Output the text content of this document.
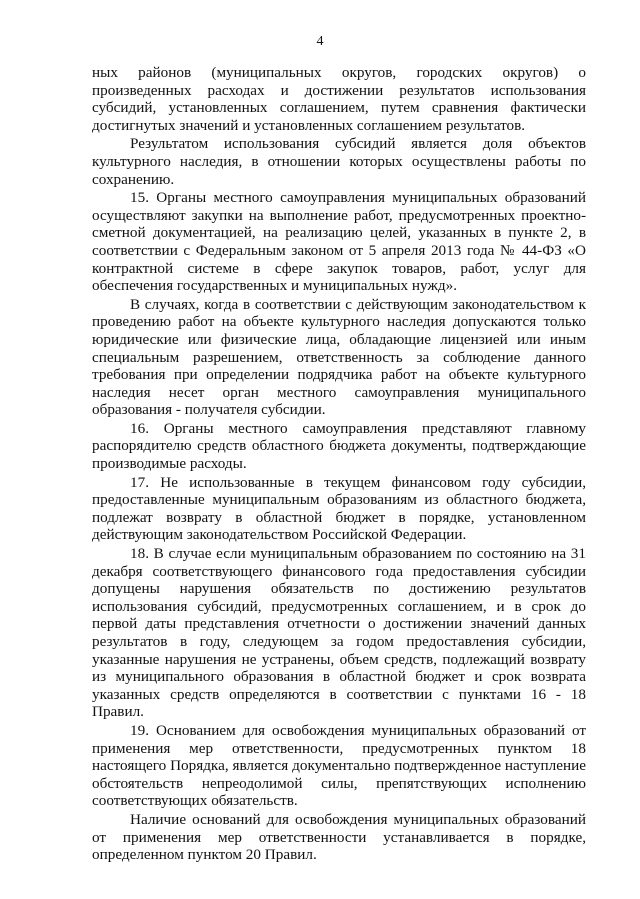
4

ных районов (муниципальных округов, городских округов) о произведенных расходах и достижении результатов использования субсидий, установленных соглашением, путем сравнения фактически достигнутых значений и установленных соглашением результатов.

Результатом использования субсидий является доля объектов культурного наследия, в отношении которых осуществлены работы по сохранению.

15. Органы местного самоуправления муниципальных образований осуществляют закупки на выполнение работ, предусмотренных проектно-сметной документацией, на реализацию целей, указанных в пункте 2, в соответствии с Федеральным законом от 5 апреля 2013 года № 44-ФЗ «О контрактной системе в сфере закупок товаров, работ, услуг для обеспечения государственных и муниципальных нужд».

В случаях, когда в соответствии с действующим законодательством к проведению работ на объекте культурного наследия допускаются только юридические или физические лица, обладающие лицензией или иным специальным разрешением, ответственность за соблюдение данного требования при определении подрядчика работ на объекте культурного наследия несет орган местного самоуправления муниципального образования - получателя субсидии.

16. Органы местного самоуправления представляют главному распорядителю средств областного бюджета документы, подтверждающие производимые расходы.

17. Не использованные в текущем финансовом году субсидии, предоставленные муниципальным образованиям из областного бюджета, подлежат возврату в областной бюджет в порядке, установленном действующим законодательством Российской Федерации.

18. В случае если муниципальным образованием по состоянию на 31 декабря соответствующего финансового года предоставления субсидии допущены нарушения обязательств по достижению результатов использования субсидий, предусмотренных соглашением, и в срок до первой даты представления отчетности о достижении значений данных результатов в году, следующем за годом предоставления субсидии, указанные нарушения не устранены, объем средств, подлежащий возврату из муниципального образования в областной бюджет и срок возврата указанных средств определяются в соответствии с пунктами 16 - 18 Правил.

19. Основанием для освобождения муниципальных образований от применения мер ответственности, предусмотренных пунктом 18 настоящего Порядка, является документально подтвержденное наступление обстоятельств непреодолимой силы, препятствующих исполнению соответствующих обязательств.

Наличие оснований для освобождения муниципальных образований от применения мер ответственности устанавливается в порядке, определенном пунктом 20 Правил.
